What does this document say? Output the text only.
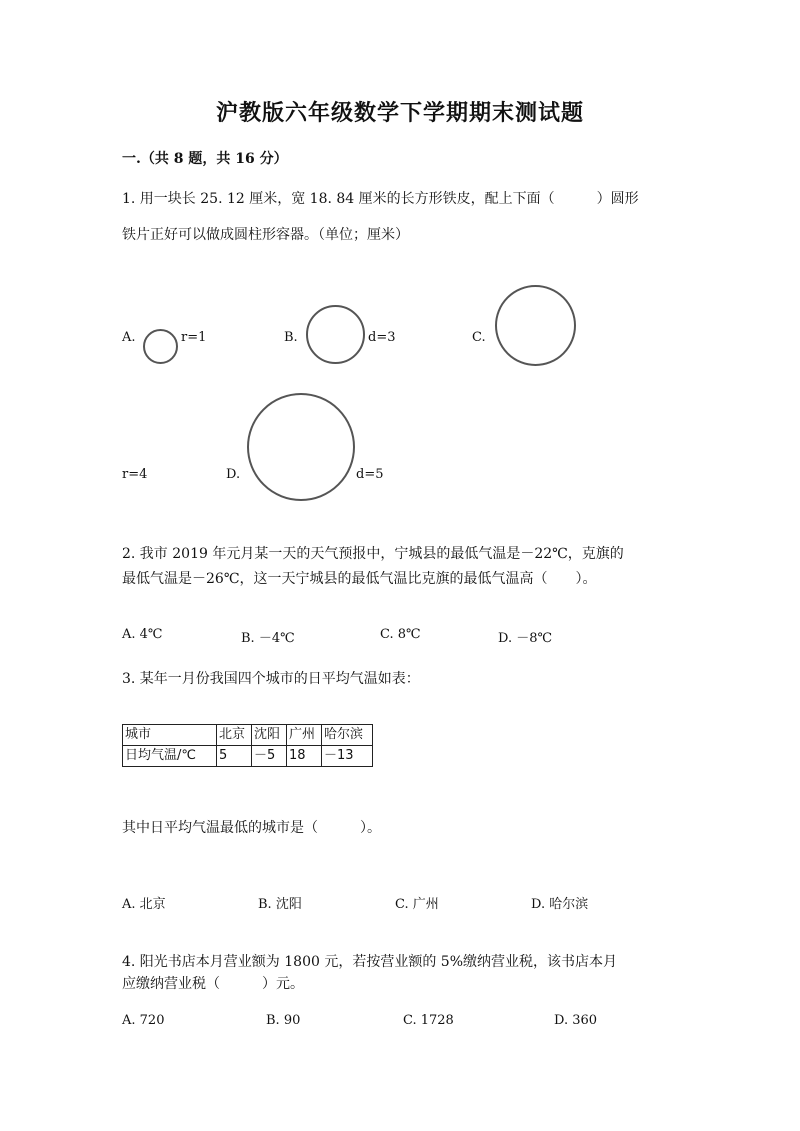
沪教版六年级数学下学期期末测试题
一.（共 8 题，共 16 分）
1. 用一块长 25. 12 厘米，宽 18. 84 厘米的长方形铁皮，配上下面（　　　）圆形
铁片正好可以做成圆柱形容器。（单位；厘米）
A.	r=1	B.	d=3	C.
r=4	D.	d=5
2. 我市 2019 年元月某一天的天气预报中，宁城县的最低气温是－22℃，克旗的
最低气温是－26℃，这一天宁城县的最低气温比克旗的最低气温高（　　）。
A. 4℃	B. －4℃	C. 8℃	D. －8℃
3. 某年一月份我国四个城市的日平均气温如表：
城市	北京	沈阳	广州	哈尔滨
日均气温/℃	5	－5	18	－13
其中日平均气温最低的城市是（　　　）。
A. 北京	B. 沈阳	C. 广州	D. 哈尔滨
4. 阳光书店本月营业额为 1800 元，若按营业额的 5%缴纳营业税，该书店本月
应缴纳营业税（　　　）元。
A. 720	B. 90	C. 1728	D. 360
